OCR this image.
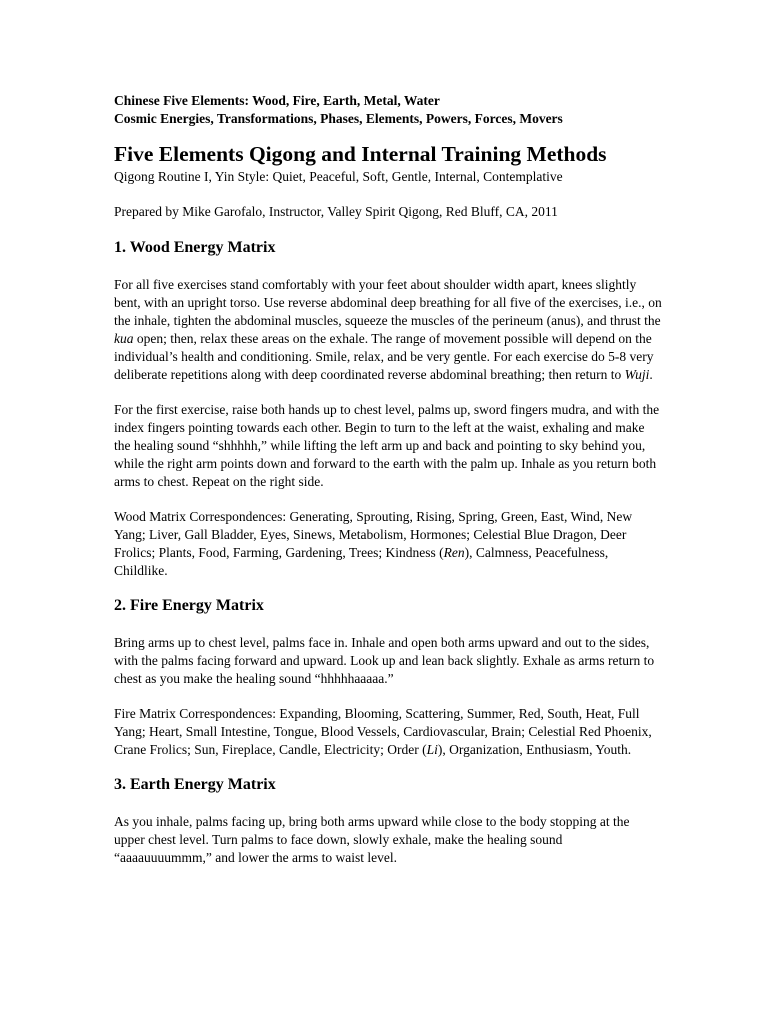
Chinese Five Elements: Wood, Fire, Earth, Metal, Water

Cosmic Energies, Transformations, Phases, Elements, Powers, Forces, Movers

Five Elements Qigong and Internal Training Methods

Qigong Routine I, Yin Style: Quiet, Peaceful, Soft, Gentle, Internal, Contemplative

Prepared by Mike Garofalo, Instructor, Valley Spirit Qigong, Red Bluff, CA, 2011

1. Wood Energy Matrix

For all five exercises stand comfortably with your feet about shoulder width apart, knees slightly bent, with an upright torso. Use reverse abdominal deep breathing for all five of the exercises, i.e., on the inhale, tighten the abdominal muscles, squeeze the muscles of the perineum (anus), and thrust the kua open; then, relax these areas on the exhale. The range of movement possible will depend on the individual’s health and conditioning. Smile, relax, and be very gentle. For each exercise do 5-8 very deliberate repetitions along with deep coordinated reverse abdominal breathing; then return to Wuji.

For the first exercise, raise both hands up to chest level, palms up, sword fingers mudra, and with the index fingers pointing towards each other. Begin to turn to the left at the waist, exhaling and make the healing sound “shhhhh,” while lifting the left arm up and back and pointing to sky behind you, while the right arm points down and forward to the earth with the palm up. Inhale as you return both arms to chest. Repeat on the right side.

Wood Matrix Correspondences: Generating, Sprouting, Rising, Spring, Green, East, Wind, New Yang; Liver, Gall Bladder, Eyes, Sinews, Metabolism, Hormones; Celestial Blue Dragon, Deer Frolics; Plants, Food, Farming, Gardening, Trees; Kindness (Ren), Calmness, Peacefulness, Childlike.

2. Fire Energy Matrix

Bring arms up to chest level, palms face in. Inhale and open both arms upward and out to the sides, with the palms facing forward and upward. Look up and lean back slightly. Exhale as arms return to chest as you make the healing sound “hhhhhaaaaa.”

Fire Matrix Correspondences: Expanding, Blooming, Scattering, Summer, Red, South, Heat, Full Yang; Heart, Small Intestine, Tongue, Blood Vessels, Cardiovascular, Brain; Celestial Red Phoenix, Crane Frolics; Sun, Fireplace, Candle, Electricity; Order (Li), Organization, Enthusiasm, Youth.

3. Earth Energy Matrix

As you inhale, palms facing up, bring both arms upward while close to the body stopping at the upper chest level. Turn palms to face down, slowly exhale, make the healing sound “aaaauuuummm,” and lower the arms to waist level.
